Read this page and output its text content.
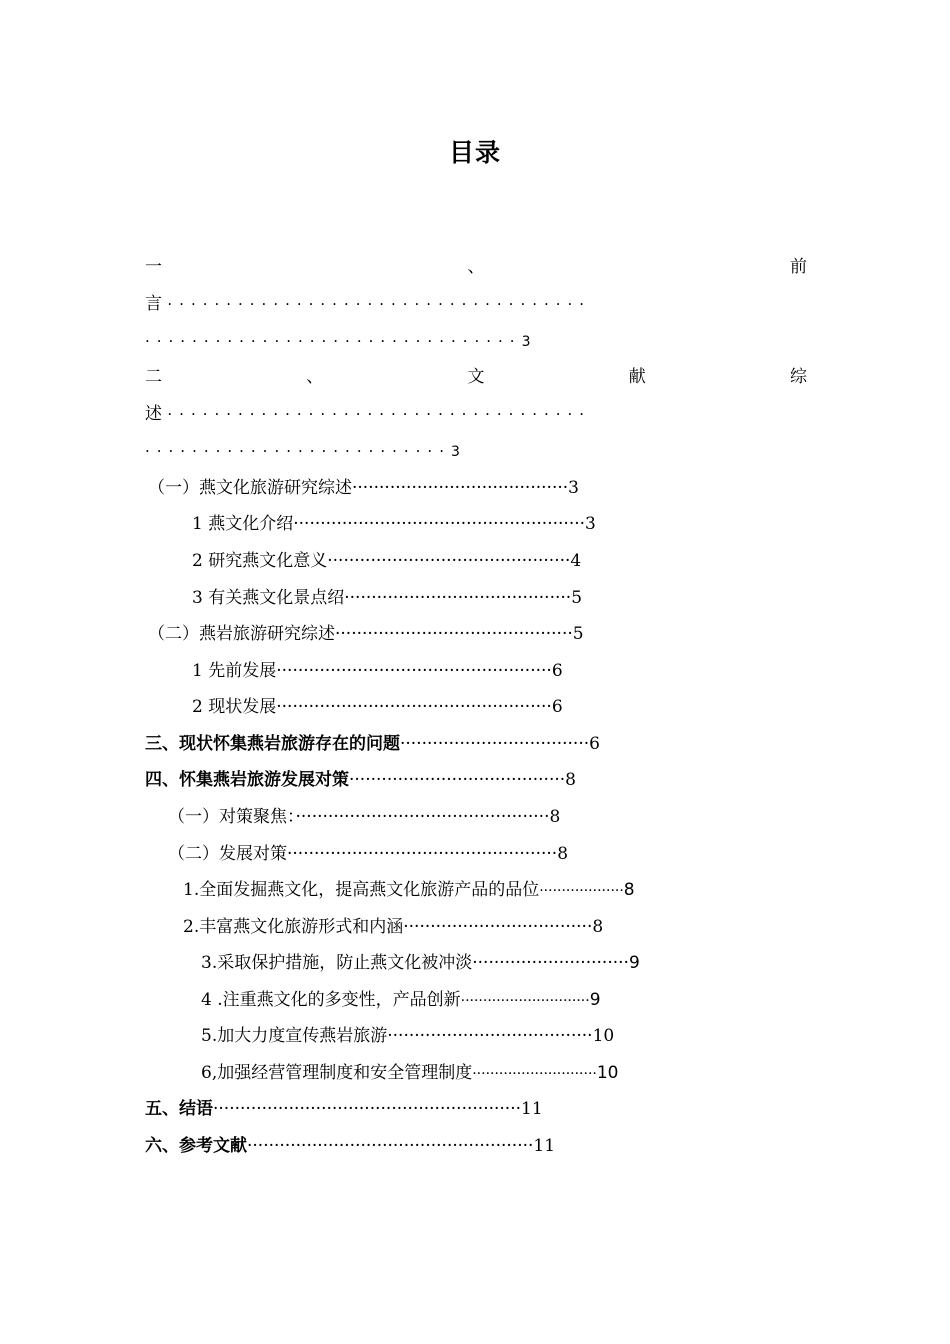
目录
一	、	前
言 ····································
································3
二	、	文	献	综
述 ····································
··························3
（一）燕文化旅游研究综述········································3
1 燕文化介绍······················································3
2 研究燕文化意义·············································4
3 有关燕文化景点绍··········································5
（二）燕岩旅游研究综述············································5
1 先前发展···················································6
2 现状发展···················································6
三、现状怀集燕岩旅游存在的问题···································6
四、怀集燕岩旅游发展对策········································8
（一）对策聚焦：···············································8
（二）发展对策··················································8
1.全面发掘燕文化，提高燕文化旅游产品的品位···················8
2.丰富燕文化旅游形式和内涵···································8
3.采取保护措施，防止燕文化被冲淡·····························9
4 .注重燕文化的多变性，产品创新·····························9
5.加大力度宣传燕岩旅游······································10
6,加强经营管理制度和安全管理制度····························10
五、结语·························································11
六、参考文献·····················································11
